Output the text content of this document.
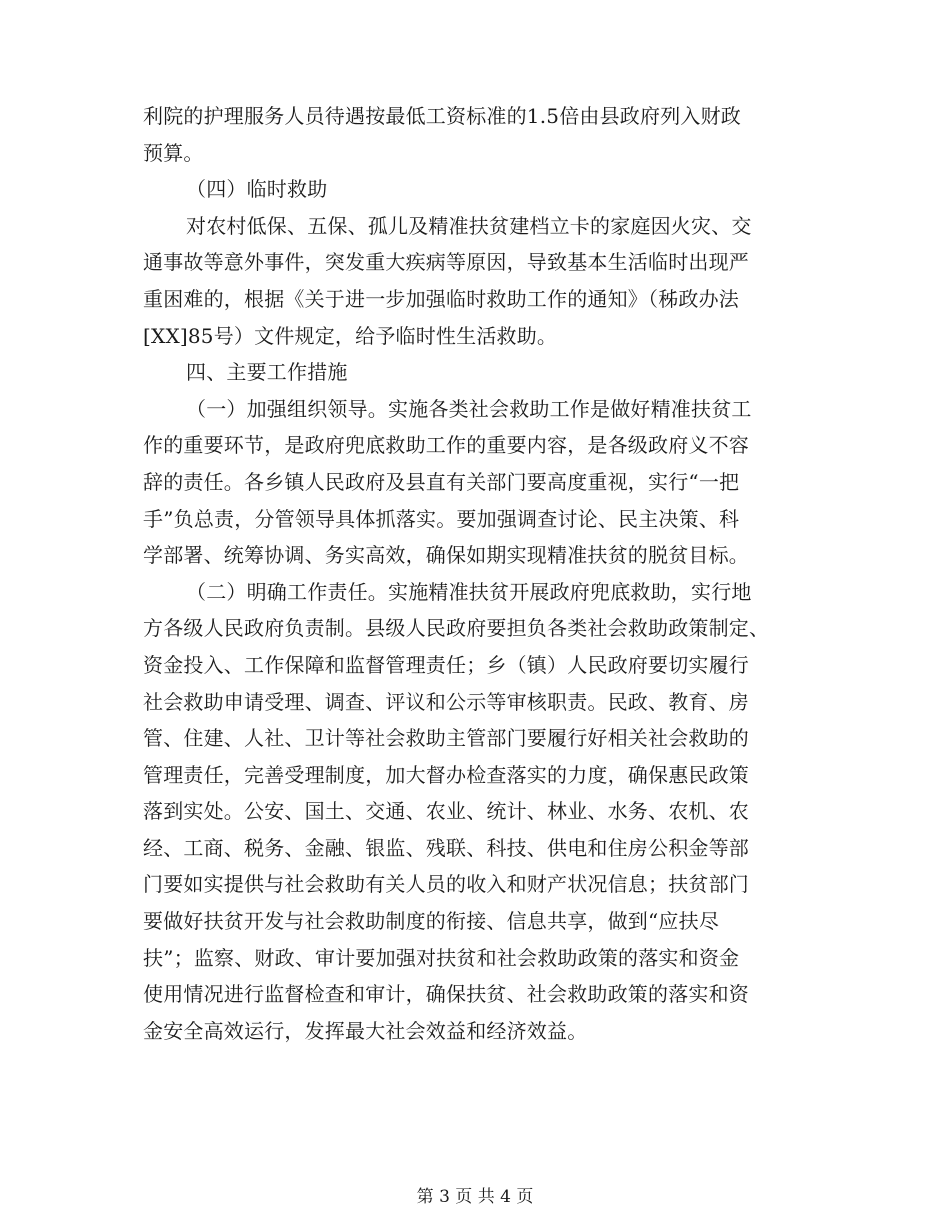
利院的护理服务人员待遇按最低工资标准的1.5倍由县政府列入财政
预算。
（四）临时救助
对农村低保、五保、孤儿及精准扶贫建档立卡的家庭因火灾、交
通事故等意外事件，突发重大疾病等原因，导致基本生活临时出现严
重困难的，根据《关于进一步加强临时救助工作的通知》（秭政办法
[XX]85号）文件规定，给予临时性生活救助。
四、主要工作措施
（一）加强组织领导。实施各类社会救助工作是做好精准扶贫工
作的重要环节，是政府兜底救助工作的重要内容，是各级政府义不容
辞的责任。各乡镇人民政府及县直有关部门要高度重视，实行“一把
手”负总责，分管领导具体抓落实。要加强调查讨论、民主决策、科
学部署、统筹协调、务实高效，确保如期实现精准扶贫的脱贫目标。
（二）明确工作责任。实施精准扶贫开展政府兜底救助，实行地
方各级人民政府负责制。县级人民政府要担负各类社会救助政策制定、
资金投入、工作保障和监督管理责任；乡（镇）人民政府要切实履行
社会救助申请受理、调查、评议和公示等审核职责。民政、教育、房
管、住建、人社、卫计等社会救助主管部门要履行好相关社会救助的
管理责任，完善受理制度，加大督办检查落实的力度，确保惠民政策
落到实处。公安、国土、交通、农业、统计、林业、水务、农机、农
经、工商、税务、金融、银监、残联、科技、供电和住房公积金等部
门要如实提供与社会救助有关人员的收入和财产状况信息；扶贫部门
要做好扶贫开发与社会救助制度的衔接、信息共享，做到“应扶尽
扶”；监察、财政、审计要加强对扶贫和社会救助政策的落实和资金
使用情况进行监督检查和审计，确保扶贫、社会救助政策的落实和资
金安全高效运行，发挥最大社会效益和经济效益。
第 3 页 共 4 页
